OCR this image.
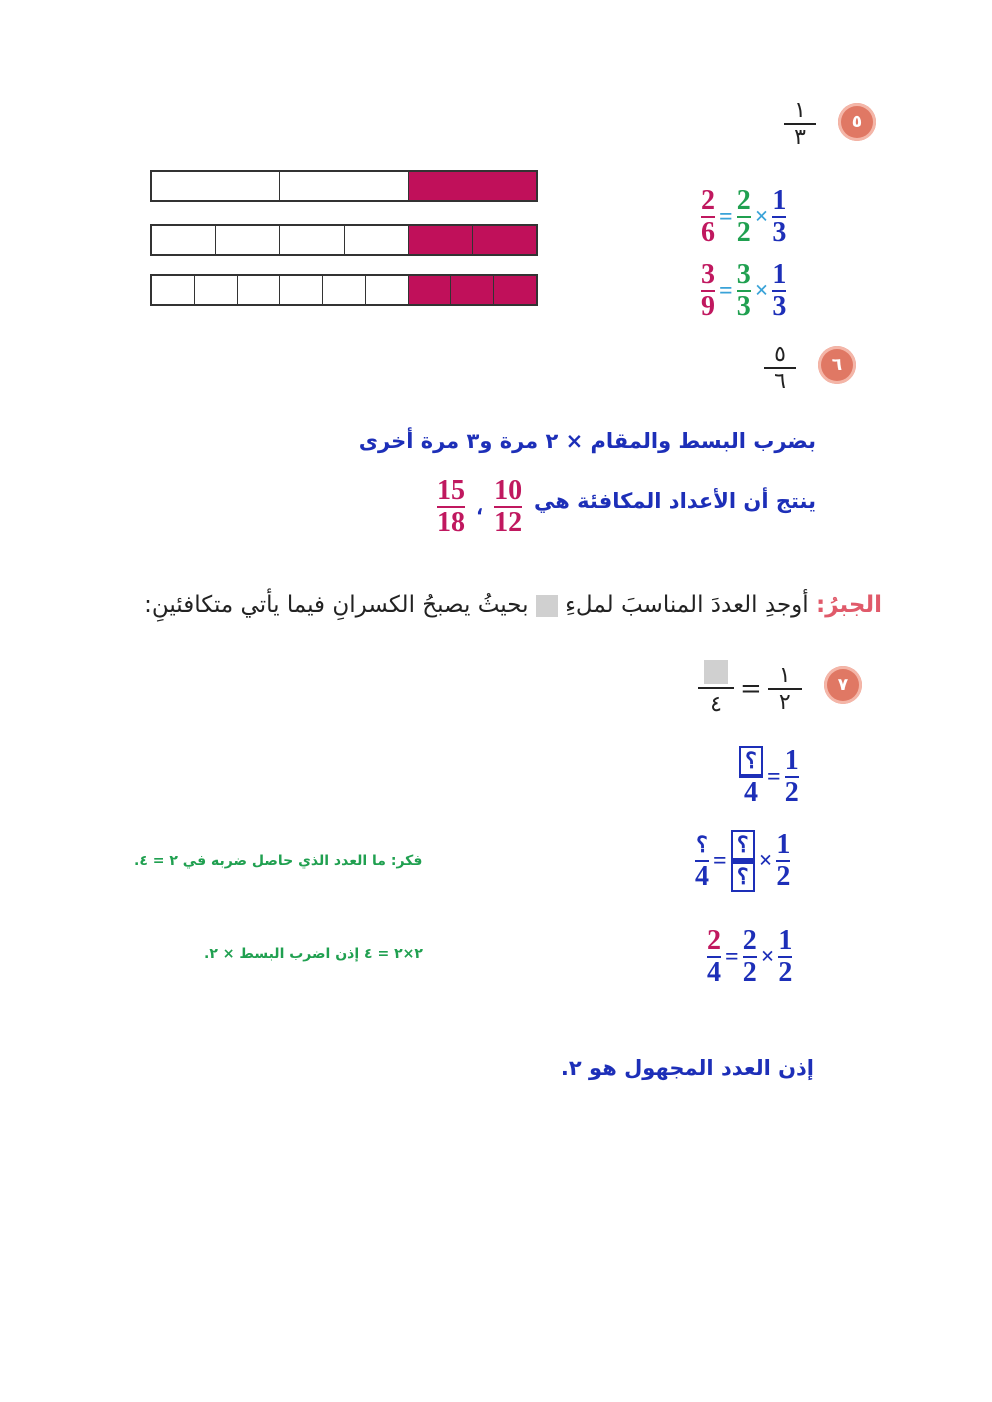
٥
١
٣
2
6
=
2
2
×
1
3
3
9
=
3
3
×
1
3
٦
٥
٦
بضرب البسط والمقام × ٢ مرة و٣ مرة أخرى
ينتج أن الأعداد المكافئة هي
15
18
،
10
12
الجبرُ: أوجدِ العددَ المناسبَ لملءِ  بحيثُ يصبحُ الكسرانِ فيما يأتي متكافئينِ:
٧
٤
= ١
٢
؟
4
=
1
2
؟
4
=
؟
؟
×
1
2
فكر: ما العدد الذي حاصل ضربه في ٢ = ٤.
2
4
=
2
2
×
1
2
٢×٢ = ٤ إذن اضرب البسط × ٢.
إذن العدد المجهول هو ٢.
